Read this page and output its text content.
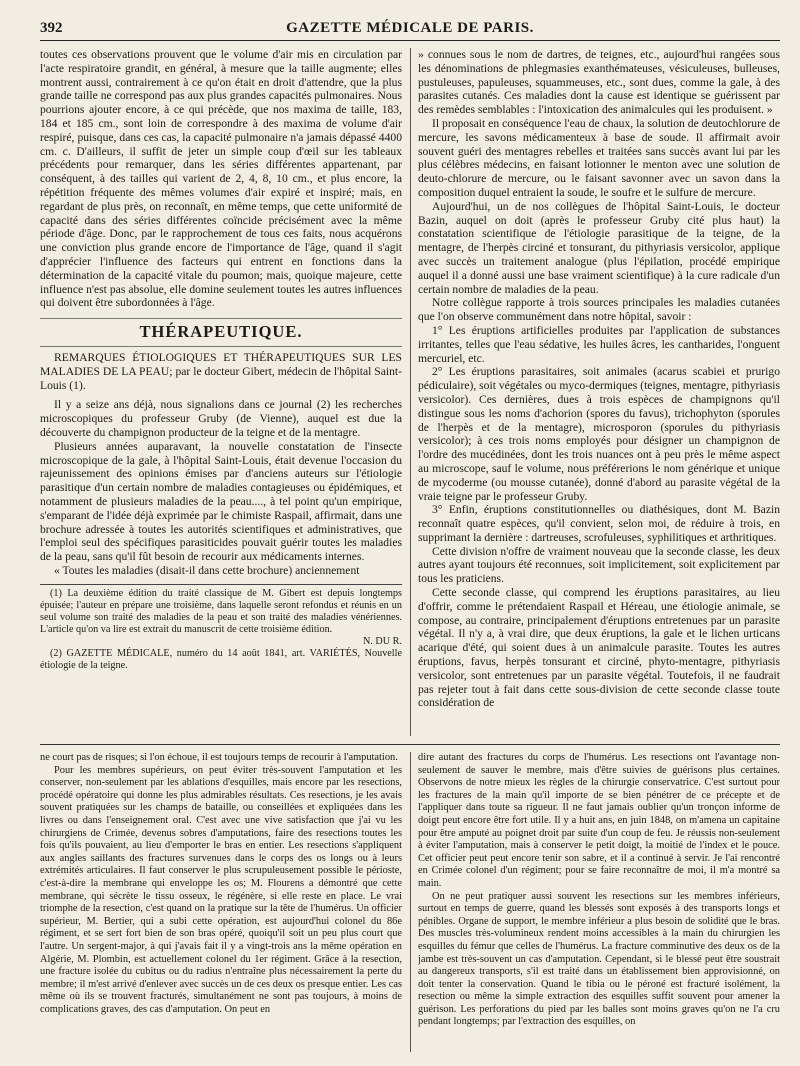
392	GAZETTE MÉDICALE DE PARIS.

toutes ces observations prouvent que le volume d'air mis en circulation par l'acte respiratoire grandit, en général, à mesure que la taille augmente; elles montrent aussi, contrairement à ce qu'on était en droit d'attendre, que la plus grande taille ne correspond pas aux plus grandes capacités pulmonaires. Nous pourrions ajouter encore, à ce qui précède, que nos maxima de taille, 183, 184 et 185 cm., sont loin de correspondre à des maxima de volume d'air respiré, puisque, dans ces cas, la capacité pulmonaire n'a jamais dépassé 4400 cm. c. D'ailleurs, il suffit de jeter un simple coup d'œil sur les tableaux précédents pour remarquer, dans les séries différentes appartenant, par conséquent, à des tailles qui varient de 2, 4, 8, 10 cm., et plus encore, la répétition fréquente des mêmes volumes d'air expiré et inspiré; mais, en regardant de plus près, on reconnaît, en même temps, que cette uniformité de capacité dans des séries différentes coïncide précisément avec la même période d'âge. Donc, par le rapprochement de tous ces faits, nous acquérons une conviction plus grande encore de l'importance de l'âge, quand il s'agit d'apprécier l'influence des facteurs qui entrent en fonctions dans la détermination de la capacité vitale du poumon; mais, quoique majeure, cette influence n'est pas absolue, elle domine seulement toutes les autres influences qui doivent être subordonnées à l'âge.

THÉRAPEUTIQUE.

REMARQUES ÉTIOLOGIQUES ET THÉRAPEUTIQUES SUR LES MALADIES DE LA PEAU; par le docteur Gibert, médecin de l'hôpital Saint-Louis (1).

Il y a seize ans déjà, nous signalions dans ce journal (2) les recherches microscopiques du professeur Gruby (de Vienne), auquel est due la découverte du champignon producteur de la teigne et de la mentagre.

Plusieurs années auparavant, la nouvelle constatation de l'insecte microscopique de la gale, à l'hôpital Saint-Louis, était devenue l'occasion du rajeunissement des opinions émises par d'anciens auteurs sur l'étiologie parasitique d'un certain nombre de maladies contagieuses ou épidémiques, et notamment de plusieurs maladies de la peau...., à tel point qu'un empirique, s'emparant de l'idée déjà exprimée par le chimiste Raspail, affirmait, dans une brochure adressée à toutes les autorités scientifiques et administratives, que l'emploi seul des spécifiques parasiticides pouvait guérir toutes les maladies de la peau, sans qu'il fût besoin de recourir aux médicaments internes.

« Toutes les maladies (disait-il dans cette brochure) anciennement

(1) La deuxième édition du traité classique de M. Gibert est depuis longtemps épuisée; l'auteur en prépare une troisième, dans laquelle seront refondus et réunis en un seul volume son traité des maladies de la peau et son traité des maladies vénériennes. L'article qu'on va lire est extrait du manuscrit de cette troisième édition.

N. DU R.

(2) GAZETTE MÉDICALE, numéro du 14 août 1841, art. VARIÉTÉS, Nouvelle étiologie de la teigne.

» connues sous le nom de dartres, de teignes, etc., aujourd'hui rangées sous les dénominations de phlegmasies exanthémateuses, vésiculeuses, bulleuses, pustuleuses, papuleuses, squammeuses, etc., sont dues, comme la gale, à des parasites cutanés. Ces maladies dont la cause est identique se guérissent par des remèdes semblables : l'intoxication des animalcules qui les produisent. »

Il proposait en conséquence l'eau de chaux, la solution de deutochlorure de mercure, les savons médicamenteux à base de soude. Il affirmait avoir souvent guéri des mentagres rebelles et traitées sans succès avant lui par les plus célèbres médecins, en faisant lotionner le menton avec une solution de deuto-chlorure de mercure, ou le faisant savonner avec un savon dans la composition duquel entraient la soude, le soufre et le sulfure de mercure.

Aujourd'hui, un de nos collègues de l'hôpital Saint-Louis, le docteur Bazin, auquel on doit (après le professeur Gruby cité plus haut) la constatation scientifique de l'étiologie parasitique de la teigne, de la mentagre, de l'herpès circiné et tonsurant, du pithyriasis versicolor, applique avec succès un traitement analogue (plus l'épilation, procédé empirique auquel il a donné aussi une base vraiment scientifique) à la cure radicale d'un certain nombre de maladies de la peau.

Notre collègue rapporte à trois sources principales les maladies cutanées que l'on observe communément dans notre hôpital, savoir :

1° Les éruptions artificielles produites par l'application de substances irritantes, telles que l'eau sédative, les huiles âcres, les cantharides, l'onguent mercuriel, etc.

2° Les éruptions parasitaires, soit animales (acarus scabiei et prurigo pédiculaire), soit végétales ou myco-dermiques (teignes, mentagre, pithyriasis versicolor). Ces dernières, dues à trois espèces de champignons qu'il distingue sous les noms d'achorion (spores du favus), trichophyton (sporules de l'herpès et de la mentagre), microsporon (sporules du pithyriasis versicolor); à ces trois noms employés pour désigner un champignon de l'ordre des mucédinées, dont les trois nuances ont à peu près le même aspect au microscope, sauf le volume, nous préférerions le nom générique et unique de mycoderme (ou mousse cutanée), donné d'abord au parasite végétal de la vraie teigne par le professeur Gruby.

3° Enfin, éruptions constitutionnelles ou diathésiques, dont M. Bazin reconnaît quatre espèces, qu'il convient, selon moi, de réduire à trois, en supprimant la dernière : dartreuses, scrofuleuses, syphilitiques et arthritiques.

Cette division n'offre de vraiment nouveau que la seconde classe, les deux autres ayant toujours été reconnues, soit implicitement, soit explicitement par tous les praticiens.

Cette seconde classe, qui comprend les éruptions parasitaires, au lieu d'offrir, comme le prétendaient Raspail et Héreau, une étiologie animale, se compose, au contraire, principalement d'éruptions entretenues par un parasite végétal. Il n'y a, à vrai dire, que deux éruptions, la gale et le lichen urticans acarique d'été, qui soient dues à un animalcule parasite. Toutes les autres éruptions, favus, herpès tonsurant et circiné, phyto-mentagre, pithyriasis versicolor, sont entretenues par un parasite végétal. Toutefois, il ne faudrait pas rejeter tout à fait dans cette sous-division de cette seconde classe toute considération de

ne court pas de risques; si l'on échoue, il est toujours temps de recourir à l'amputation.

Pour les membres supérieurs, on peut éviter très-souvent l'amputation et les conserver, non-seulement par les ablations d'esquilles, mais encore par les resections, procédé opératoire qui donne les plus admirables résultats. Ces resections, je les avais souvent pratiquées sur les champs de bataille, ou conseillées et expliquées dans les livres ou dans l'enseignement oral. C'est avec une vive satisfaction que j'ai vu les chirurgiens de Crimée, devenus sobres d'amputations, faire des resections toutes les fois qu'ils pouvaient, au lieu d'emporter le bras en entier. Les resections s'appliquent aux angles saillants des fractures survenues dans le corps des os longs ou à leurs extrémités articulaires. Il faut conserver le plus scrupuleusement possible le périoste, c'est-à-dire la membrane qui enveloppe les os; M. Flourens a démontré que cette membrane, qui sécrète le tissu osseux, le régénère, si elle reste en place. Le vrai triomphe de la resection, c'est quand on la pratique sur la tête de l'humérus. Un officier supérieur, M. Bertier, qui a subi cette opération, est aujourd'hui colonel du 86e régiment, et se sert fort bien de son bras opéré, quoiqu'il soit un peu plus court que l'autre. Un sergent-major, à qui j'avais fait il y a vingt-trois ans la même opération en Algérie, M. Plombin, est actuellement colonel du 1er régiment. Grâce à la resection, une fracture isolée du cubitus ou du radius n'entraîne plus nécessairement la perte du membre; il m'est arrivé d'enlever avec succès un de ces deux os presque entier. Les cas même où ils se trouvent fracturés, simultanément ne sont pas toujours, à moins de complications graves, des cas d'amputation. On peut en

dire autant des fractures du corps de l'humérus. Les resections ont l'avantage non-seulement de sauver le membre, mais d'être suivies de guérisons plus certaines. Observons de notre mieux les règles de la chirurgie conservatrice. C'est surtout pour les fractures de la main qu'il importe de se bien pénétrer de ce précepte et de l'appliquer dans toute sa rigueur. Il ne faut jamais oublier qu'un tronçon informe de doigt peut encore être fort utile. Il y a huit ans, en juin 1848, on m'amena un capitaine pour être amputé au poignet droit par suite d'un coup de feu. Je réussis non-seulement à éviter l'amputation, mais à conserver le petit doigt, la moitié de l'index et le pouce. Cet officier peut peut encore tenir son sabre, et il a continué à servir. Je l'ai rencontré en Crimée colonel d'un régiment; pour se faire reconnaître de moi, il m'a montré sa main.

On ne peut pratiquer aussi souvent les resections sur les membres inférieurs, surtout en temps de guerre, quand les blessés sont exposés à des transports longs et pénibles. Organe de support, le membre inférieur a plus besoin de solidité que le bras. Des muscles très-volumineux rendent moins accessibles à la main du chirurgien les esquilles du fémur que celles de l'humérus. La fracture comminutive des deux os de la jambe est très-souvent un cas d'amputation. Cependant, si le blessé peut être soustrait au dangereux transports, s'il est traité dans un établissement bien approvisionné, on doit tenter la conservation. Quand le tibia ou le péroné est fracturé isolément, la resection ou même la simple extraction des esquilles suffit souvent pour amener la guérison. Les perforations du pied par les balles sont moins graves qu'on ne l'a cru pendant longtemps; par l'extraction des esquilles, on
